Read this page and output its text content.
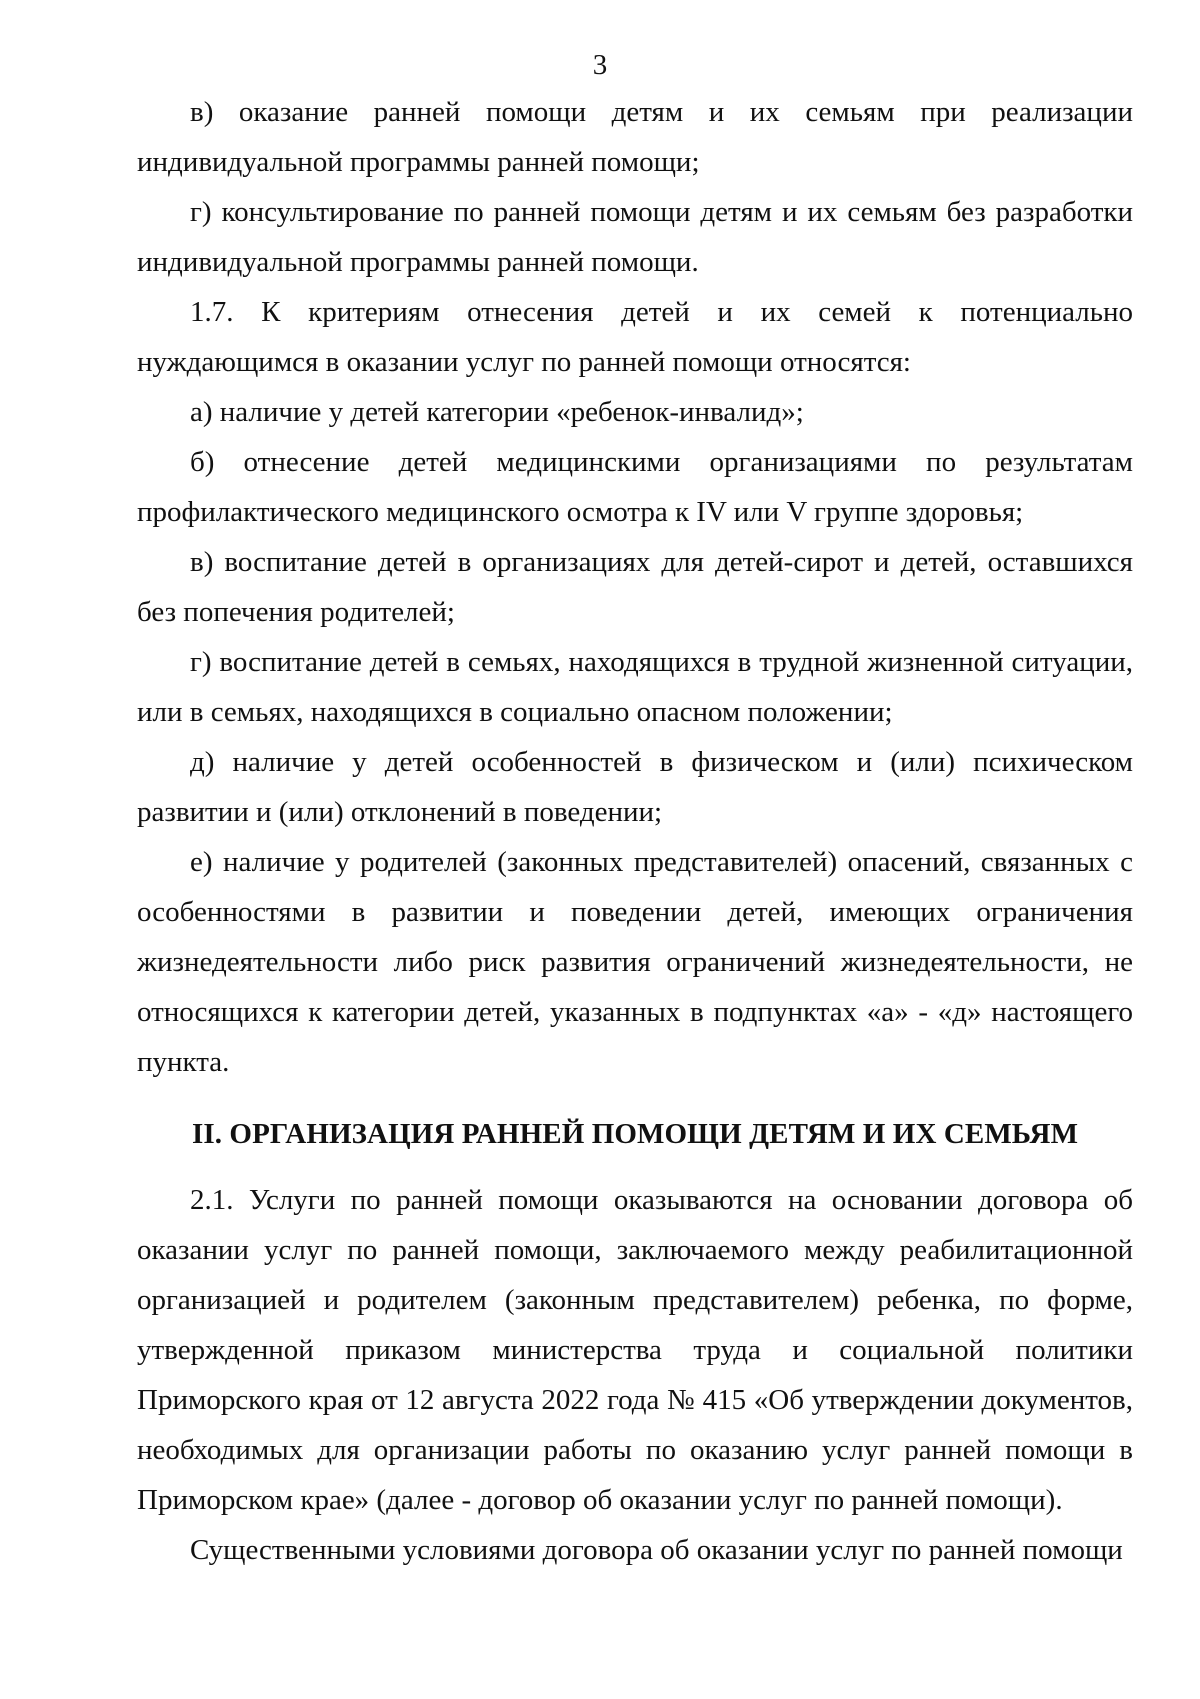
3

в) оказание ранней помощи детям и их семьям при реализации индивидуальной программы ранней помощи;

г) консультирование по ранней помощи детям и их семьям без разработки индивидуальной программы ранней помощи.

1.7. К критериям отнесения детей и их семей к потенциально нуждающимся в оказании услуг по ранней помощи относятся:

а) наличие у детей категории «ребенок-инвалид»;

б) отнесение детей медицинскими организациями по результатам профилактического медицинского осмотра к IV или V группе здоровья;

в) воспитание детей в организациях для детей-сирот и детей, оставшихся без попечения родителей;

г) воспитание детей в семьях, находящихся в трудной жизненной ситуации, или в семьях, находящихся в социально опасном положении;

д) наличие у детей особенностей в физическом и (или) психическом развитии и (или) отклонений в поведении;

е) наличие у родителей (законных представителей) опасений, связанных с особенностями в развитии и поведении детей, имеющих ограничения жизнедеятельности либо риск развития ограничений жизнедеятельности, не относящихся к категории детей, указанных в подпунктах «а» - «д» настоящего пункта.

II. ОРГАНИЗАЦИЯ РАННЕЙ ПОМОЩИ ДЕТЯМ И ИХ СЕМЬЯМ

2.1. Услуги по ранней помощи оказываются на основании договора об оказании услуг по ранней помощи, заключаемого между реабилитационной организацией и родителем (законным представителем) ребенка, по форме, утвержденной приказом министерства труда и социальной политики Приморского края от 12 августа 2022 года № 415 «Об утверждении документов, необходимых для организации работы по оказанию услуг ранней помощи в Приморском крае» (далее - договор об оказании услуг по ранней помощи).

Существенными условиями договора об оказании услуг по ранней помощи
